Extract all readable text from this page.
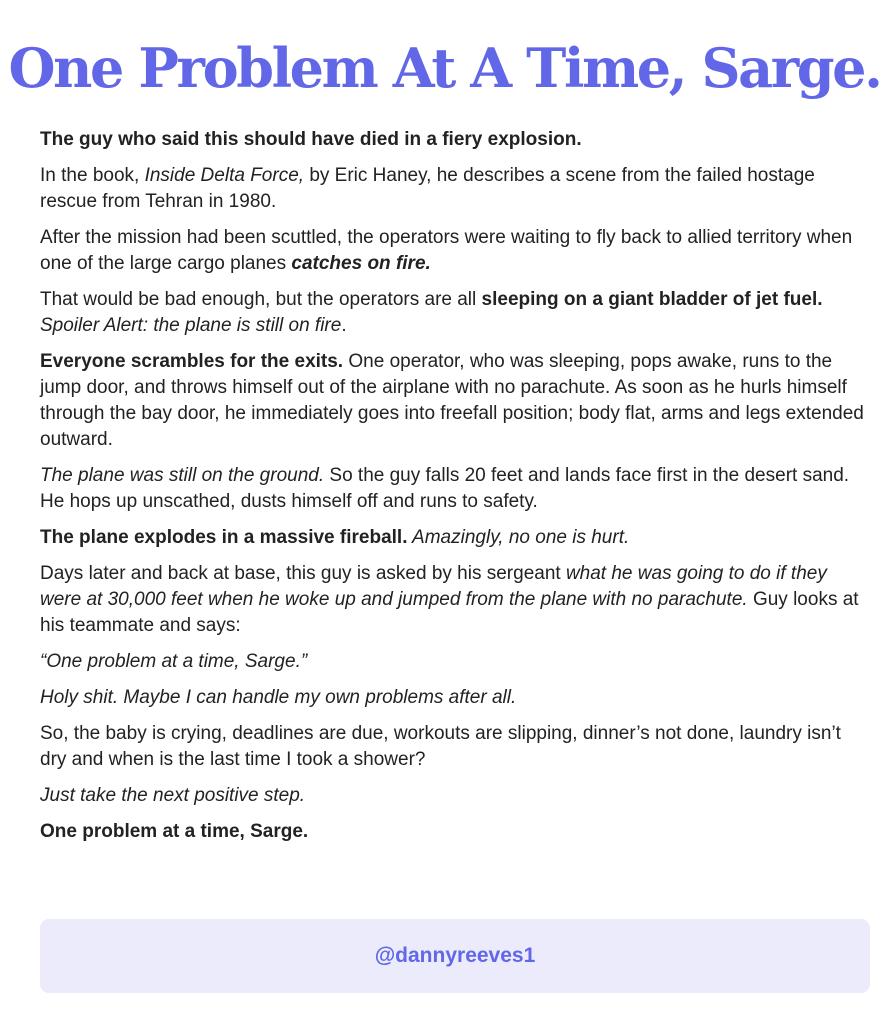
One Problem At A Time, Sarge.

The guy who said this should have died in a fiery explosion.

In the book, Inside Delta Force, by Eric Haney, he describes a scene from the failed hostage rescue from Tehran in 1980.

After the mission had been scuttled, the operators were waiting to fly back to allied territory when one of the large cargo planes catches on fire.

That would be bad enough, but the operators are all sleeping on a giant bladder of jet fuel.
Spoiler Alert: the plane is still on fire.

Everyone scrambles for the exits. One operator, who was sleeping, pops awake, runs to the jump door, and throws himself out of the airplane with no parachute. As soon as he hurls himself through the bay door, he immediately goes into freefall position; body flat, arms and legs extended outward.

The plane was still on the ground. So the guy falls 20 feet and lands face first in the desert sand. He hops up unscathed, dusts himself off and runs to safety.

The plane explodes in a massive fireball. Amazingly, no one is hurt.

Days later and back at base, this guy is asked by his sergeant what he was going to do if they were at 30,000 feet when he woke up and jumped from the plane with no parachute. Guy looks at his teammate and says:

“One problem at a time, Sarge.”

Holy shit. Maybe I can handle my own problems after all.

So, the baby is crying, deadlines are due, workouts are slipping, dinner’s not done, laundry isn’t dry and when is the last time I took a shower?

Just take the next positive step.

One problem at a time, Sarge.

@dannyreeves1
